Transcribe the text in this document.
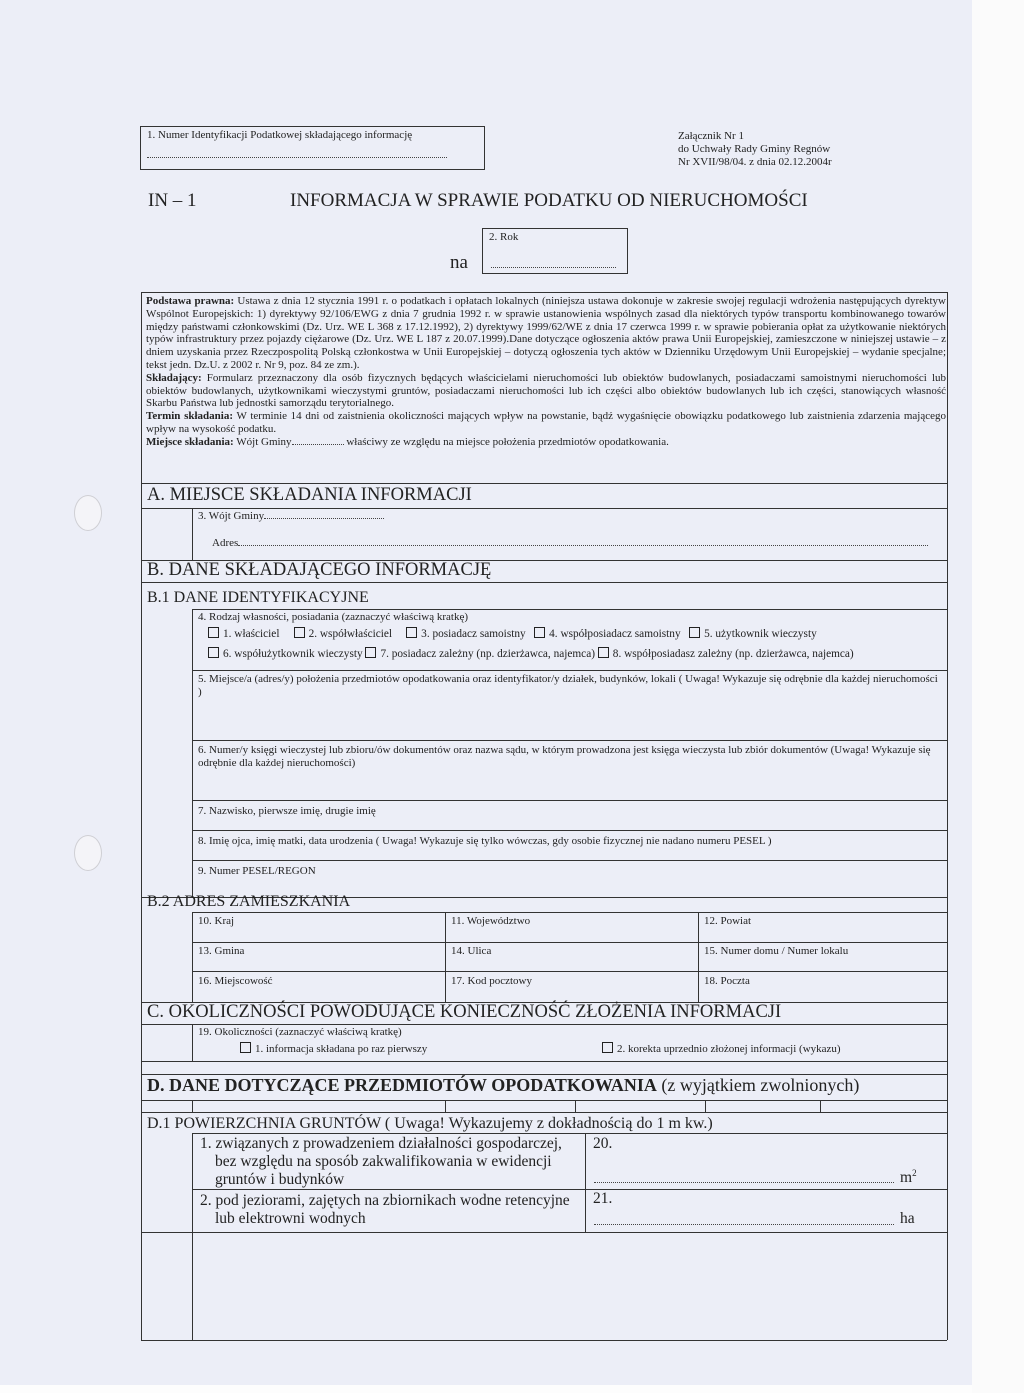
1. Numer Identyfikacji Podatkowej składającego informację	Załącznik Nr 1
do Uchwały Rady Gminy Regnów
Nr XVII/98/04. z dnia 02.12.2004r
IN – 1	INFORMACJA W SPRAWIE PODATKU OD NIERUCHOMOŚCI
na
2. Rok
Podstawa prawna: Ustawa z dnia 12 stycznia 1991 r. o podatkach i opłatach lokalnych (niniejsza ustawa dokonuje w zakresie swojej regulacji wdrożenia następujących dyrektyw Wspólnot Europejskich: 1) dyrektywy 92/106/EWG z dnia 7 grudnia 1992 r. w sprawie ustanowienia wspólnych zasad dla niektórych typów transportu kombinowanego towarów między państwami członkowskimi (Dz. Urz. WE L 368 z 17.12.1992), 2) dyrektywy 1999/62/WE z dnia 17 czerwca 1999 r. w sprawie pobierania opłat za użytkowanie niektórych typów infrastruktury przez pojazdy ciężarowe (Dz. Urz. WE L 187 z 20.07.1999).Dane dotyczące ogłoszenia aktów prawa Unii Europejskiej, zamieszczone w niniejszej ustawie – z dniem uzyskania przez Rzeczpospolitą Polską członkostwa w Unii Europejskiej – dotyczą ogłoszenia tych aktów w Dzienniku Urzędowym Unii Europejskiej – wydanie specjalne; tekst jedn. Dz.U. z 2002 r. Nr 9, poz. 84 ze zm.).
Składający: Formularz przeznaczony dla osób fizycznych będących właścicielami nieruchomości lub obiektów budowlanych, posiadaczami samoistnymi nieruchomości lub obiektów budowlanych, użytkownikami wieczystymi gruntów, posiadaczami nieruchomości lub ich części albo obiektów budowlanych lub ich części, stanowiących własność Skarbu Państwa lub jednostki samorządu terytorialnego.
Termin składania: W terminie 14 dni od zaistnienia okoliczności mających wpływ na powstanie, bądź wygaśnięcie obowiązku podatkowego lub zaistnienia zdarzenia mającego wpływ na wysokość podatku.
Miejsce składania: Wójt Gminy	właściwy ze względu na miejsce położenia przedmiotów opodatkowania.
A. MIEJSCE SKŁADANIA INFORMACJI
3. Wójt Gminy
Adres
B. DANE SKŁADAJĄCEGO INFORMACJĘ
B.1 DANE IDENTYFIKACYJNE
4. Rodzaj własności, posiadania (zaznaczyć właściwą kratkę)
1. właściciel	2. współwłaściciel	3. posiadacz samoistny 4. współposiadacz samoistny 5. użytkownik wieczysty
6. współużytkownik wieczysty 7. posiadacz zależny (np. dzierżawca, najemca) 8. współposiadasz zależny (np. dzierżawca, najemca)
5. Miejsce/a (adres/y) położenia przedmiotów opodatkowania oraz identyfikator/y działek, budynków, lokali ( Uwaga! Wykazuje się odrębnie dla każdej nieruchomości )
6. Numer/y księgi wieczystej lub zbioru/ów dokumentów oraz nazwa sądu, w którym prowadzona jest księga wieczysta lub zbiór dokumentów (Uwaga! Wykazuje się odrębnie dla każdej nieruchomości)
7. Nazwisko, pierwsze imię, drugie imię
8. Imię ojca, imię matki, data urodzenia ( Uwaga! Wykazuje się tylko wówczas, gdy osobie fizycznej nie nadano numeru PESEL )
9. Numer PESEL/REGON
B.2 ADRES ZAMIESZKANIA
10. Kraj	11. Województwo	12. Powiat
13. Gmina	14. Ulica	15. Numer domu / Numer lokalu
16. Miejscowość	17. Kod pocztowy	18. Poczta
C. OKOLICZNOŚCI POWODUJĄCE KONIECZNOŚĆ ZŁOŻENIA INFORMACJI
19. Okoliczności (zaznaczyć właściwą kratkę)
1. informacja składana po raz pierwszy	2. korekta uprzednio złożonej informacji (wykazu)
D. DANE DOTYCZĄCE PRZEDMIOTÓW OPODATKOWANIA (z wyjątkiem zwolnionych)
D.1 POWIERZCHNIA GRUNTÓW ( Uwaga! Wykazujemy z dokładnością do 1 m kw.)
1. związanych z prowadzeniem działalności gospodarczej,
bez względu na sposób zakwalifikowania w ewidencji
gruntów i budynków
20.
$m^2$
2. pod jeziorami, zajętych na zbiornikach wodne retencyjne
lub elektrowni wodnych
21.
ha
